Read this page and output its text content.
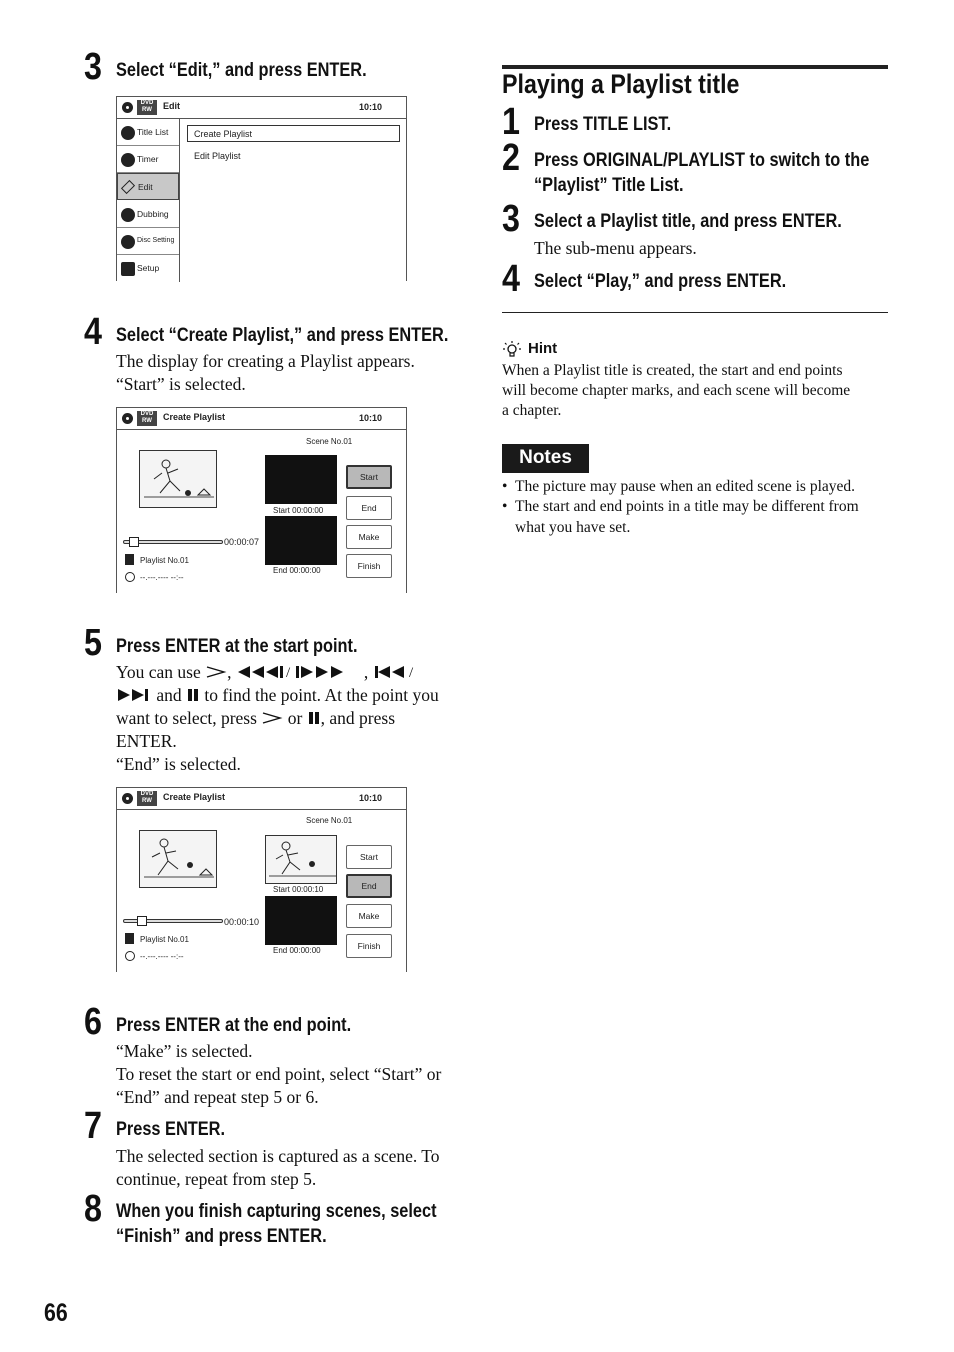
3 Select “Edit,” and press ENTER.
DVD RW	Edit	10:10
Title List
Timer
Edit
Dubbing
Disc Setting
Setup
Create Playlist
Edit Playlist
4 Select “Create Playlist,” and press ENTER.
The display for creating a Playlist appears.
“Start” is selected.
DVD RW	Create Playlist	10:10
Scene No.01
Start 00:00:00
End 00:00:00
00:00:07
Playlist No.01
--.---.---- --:--
Start
End
Make
Finish
5 Press ENTER at the start point.
You can use ,	/	, /
and to find the point. At the point you
want to select, press or , and press
ENTER.
“End” is selected.
DVD RW	Create Playlist	10:10
Scene No.01
Start 00:00:10
End 00:00:00
00:00:10
Playlist No.01
--.---.---- --:--
Start
End
Make
Finish
6 Press ENTER at the end point.
“Make” is selected.
To reset the start or end point, select “Start” or
“End” and repeat step 5 or 6.
7 Press ENTER.
The selected section is captured as a scene. To
continue, repeat from step 5.
8 When you finish capturing scenes, select
“Finish” and press ENTER.
66
Playing a Playlist title
1 Press TITLE LIST.
2 Press ORIGINAL/PLAYLIST to switch to the
“Playlist” Title List.
3 Select a Playlist title, and press ENTER.
The sub-menu appears.
4 Select “Play,” and press ENTER.
Hint
When a Playlist title is created, the start and end points
will become chapter marks, and each scene will become
a chapter.
Notes
• The picture may pause when an edited scene is played.
• The start and end points in a title may be different from
what you have set.
